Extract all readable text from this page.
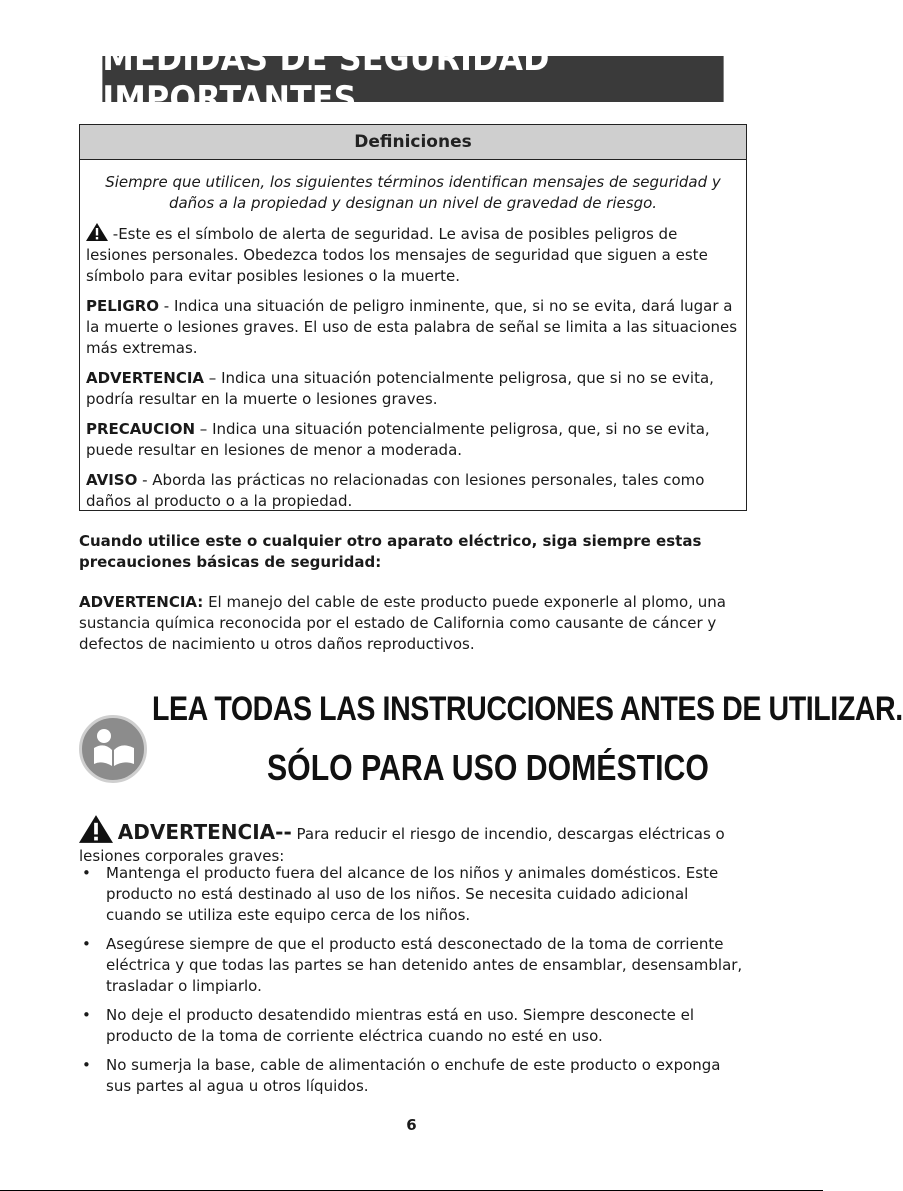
MEDIDAS DE SEGURIDAD IMPORTANTES
Definiciones

Siempre que utilicen, los siguientes términos identifican mensajes de seguridad y daños a la propiedad y designan un nivel de gravedad de riesgo.

-Este es el símbolo de alerta de seguridad. Le avisa de posibles peligros de lesiones personales. Obedezca todos los mensajes de seguridad que siguen a este símbolo para evitar posibles lesiones o la muerte.

PELIGRO - Indica una situación de peligro inminente, que, si no se evita, dará lugar a la muerte o lesiones graves. El uso de esta palabra de señal se limita a las situaciones más extremas.

ADVERTENCIA – Indica una situación potencialmente peligrosa, que si no se evita, podría resultar en la muerte o lesiones graves.

PRECAUCION – Indica una situación potencialmente peligrosa, que, si no se evita, puede resultar en lesiones de menor a moderada.

AVISO - Aborda las prácticas no relacionadas con lesiones personales, tales como daños al producto o a la propiedad.

Cuando utilice este o cualquier otro aparato eléctrico, siga siempre estas precauciones básicas de seguridad:

ADVERTENCIA: El manejo del cable de este producto puede exponerle al plomo, una sustancia química reconocida por el estado de California como causante de cáncer y defectos de nacimiento u otros daños reproductivos.

LEA TODAS LAS INSTRUCCIONES ANTES DE UTILIZAR.
SÓLO PARA USO DOMÉSTICO

ADVERTENCIA-- Para reducir el riesgo de incendio, descargas eléctricas o lesiones corporales graves:

• Mantenga el producto fuera del alcance de los niños y animales domésticos. Este producto no está destinado al uso de los niños. Se necesita cuidado adicional cuando se utiliza este equipo cerca de los niños.
• Asegúrese siempre de que el producto está desconectado de la toma de corriente eléctrica y que todas las partes se han detenido antes de ensamblar, desensamblar, trasladar o limpiarlo.
• No deje el producto desatendido mientras está en uso. Siempre desconecte el producto de la toma de corriente eléctrica cuando no esté en uso.
• No sumerja la base, cable de alimentación o enchufe de este producto o exponga sus partes al agua u otros líquidos.
6
